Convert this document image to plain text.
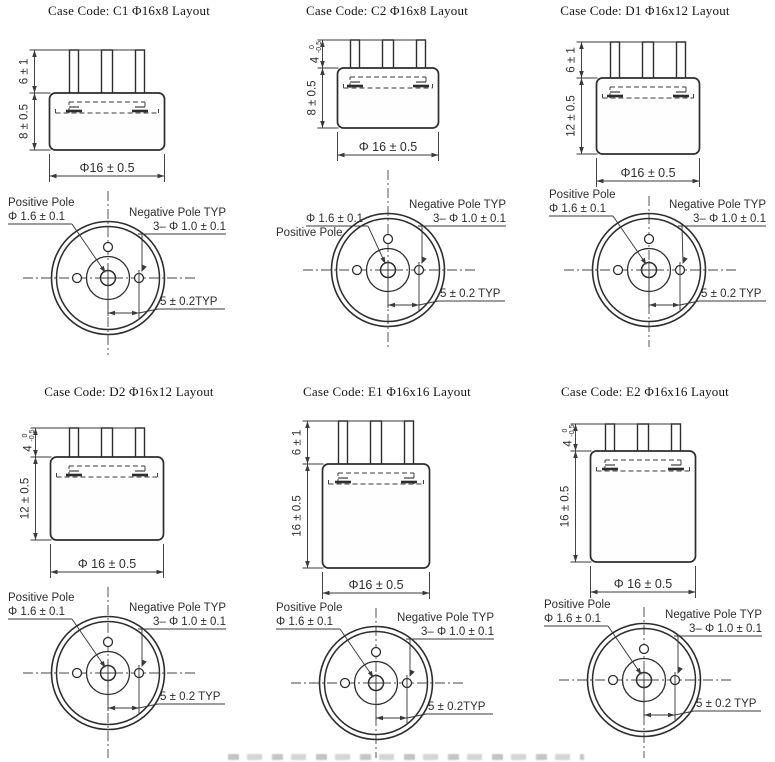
Case Code: C1 Φ16x8 Layout
6 ± 1
8 ± 0.5
Φ16 ± 0.5
Positive Pole
Φ 1.6 ± 0.1	Negative Pole TYP
3– Φ 1.0 ± 0.1
5 ± 0.2TYP
Case Code: C2 Φ16x8 Layout
4
0 -0.5
8 ± 0.5
Φ 16 ± 0.5
Φ 1.6 ± 0.1
Positive Pole
Negative Pole TYP
3– Φ 1.0 ± 0.1
5 ± 0.2 TYP
Case Code: D1 Φ16x12 Layout
6 ± 1
12 ± 0.5
Φ16 ± 0.5
Positive Pole
Φ 1.6 ± 0.1	Negative Pole TYP
3– Φ 1.0 ± 0.1
5 ± 0.2 TYP
Case Code: D2 Φ16x12 Layout
4
0 -0.5
12 ± 0.5
Φ 16 ± 0.5
Positive Pole
Φ 1.6 ± 0.1	Negative Pole TYP
3– Φ 1.0 ± 0.1
5 ± 0.2 TYP
Case Code: E1 Φ16x16 Layout
6 ± 1
16 ± 0.5
Φ16 ± 0.5
Positive Pole
Φ 1.6 ± 0.1	Negative Pole TYP
3– Φ 1.0 ± 0.1
5 ± 0.2TYP
Case Code: E2 Φ16x16 Layout
4
0 -0.5
16 ± 0.5
Φ 16 ± 0.5
Positive Pole
Φ 1.6 ± 0.1	Negative Pole TYP
3– Φ 1.0 ± 0.1
5 ± 0.2 TYP
